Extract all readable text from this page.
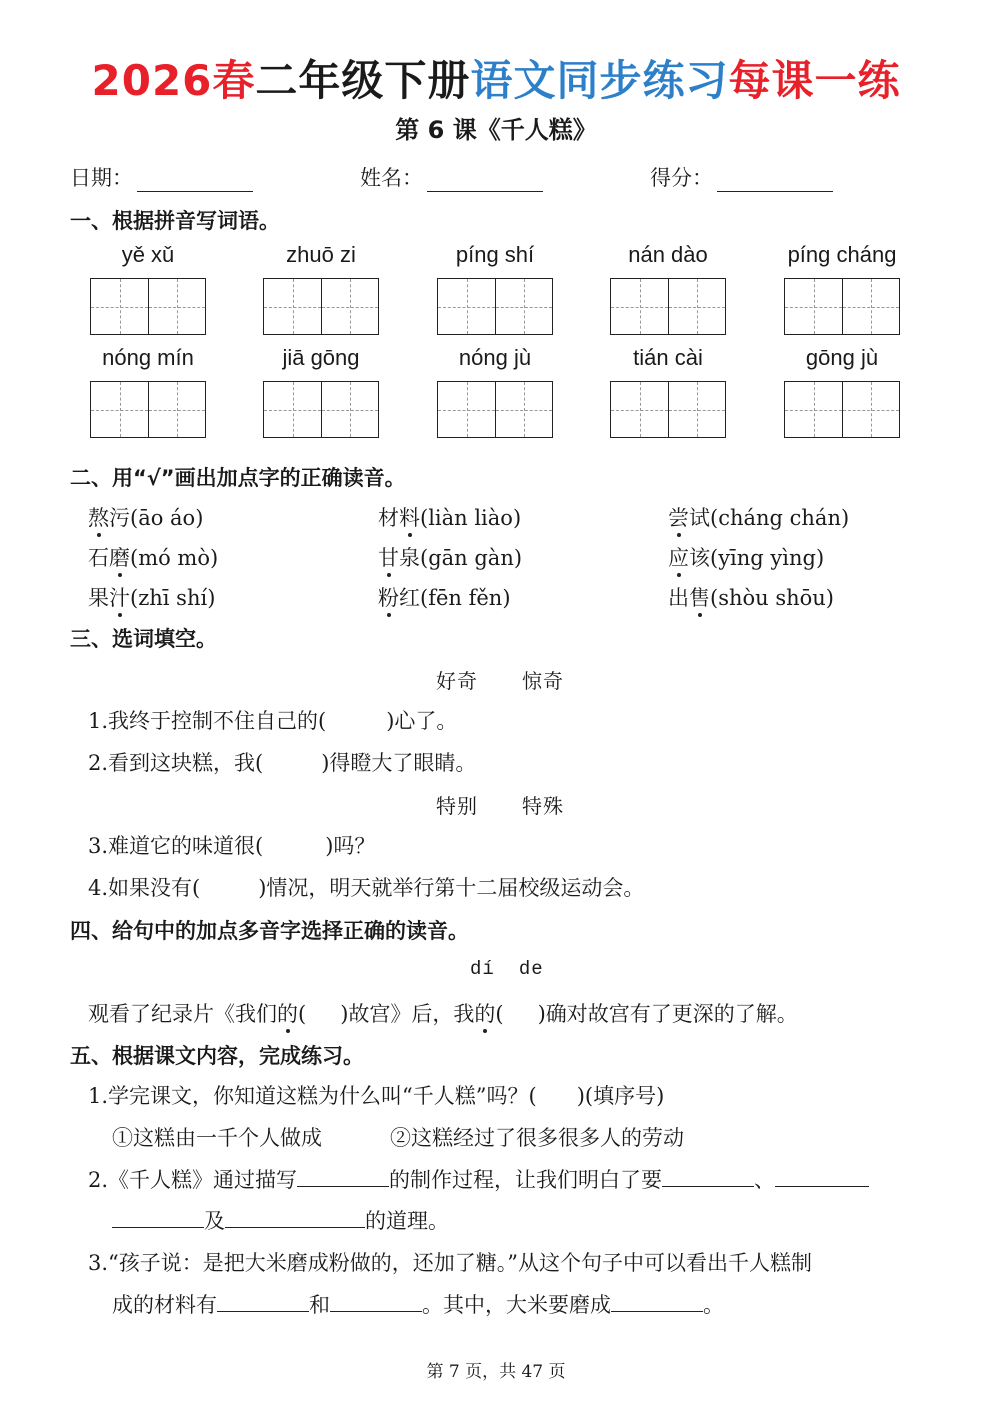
2026春二年级下册语文同步练习每课一练
第 6 课《千人糕》
日期：	姓名：	得分：
一、根据拼音写词语。
yě xǔ	zhuō zi	píng shí	nán dào	píng cháng
nóng mín	jiā gōng	nóng jù	tián cài	gōng jù
二、用“√”画出加点字的正确读音。
熬污(āo áo)	材料(liàn liào)	尝试(cháng chán)
石磨(mó mò)	甘泉(gān gàn)	应该(yīng yìng)
果汁(zhī shí)	粉红(fēn fěn)	出售(shòu shōu)
三、选词填空。
好奇 惊奇
1.我终于控制不住自己的(	)心了。
2.看到这块糕，我(	)得瞪大了眼睛。
特别 特殊
3.难道它的味道很(	)吗？
4.如果没有(	)情况，明天就举行第十二届校级运动会。
四、给句中的加点多音字选择正确的读音。
dí de
观看了纪录片《我们的( )故宫》后，我的( )确对故宫有了更深的了解。
五、根据课文内容，完成练习。
1.学完课文，你知道这糕为什么叫“千人糕”吗？( )(填序号)
①这糕由一千个人做成	②这糕经过了很多很多人的劳动
2.《千人糕》通过描写	的制作过程，让我们明白了要	、
及	的道理。
3.“孩子说：是把大米磨成粉做的，还加了糖。”从这个句子中可以看出千人糕制
成的材料有	和	。其中，大米要磨成	。
第 7 页，共 47 页
